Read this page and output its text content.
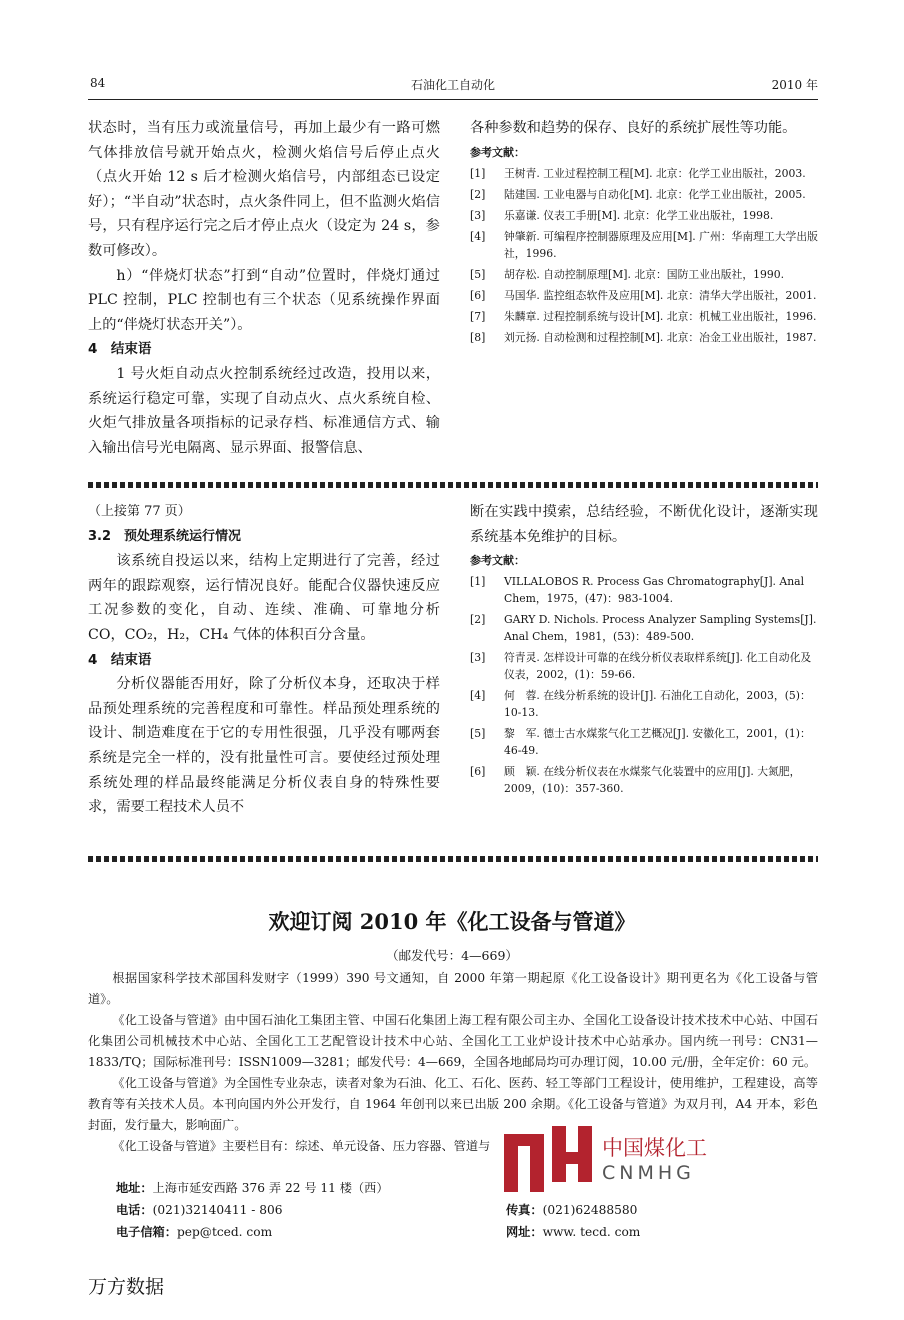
84	石油化工自动化	2010 年

状态时，当有压力或流量信号，再加上最少有一路可燃气体排放信号就开始点火，检测火焰信号后停止点火（点火开始 12 s 后才检测火焰信号，内部组态已设定好）；“半自动”状态时，点火条件同上，但不监测火焰信号，只有程序运行完之后才停止点火（设定为 24 s，参数可修改）。

h）“伴烧灯状态”打到“自动”位置时，伴烧灯通过 PLC 控制，PLC 控制也有三个状态（见系统操作界面上的“伴烧灯状态开关”）。

4　结束语

1 号火炬自动点火控制系统经过改造，投用以来，系统运行稳定可靠，实现了自动点火、点火系统自检、火炬气排放量各项指标的记录存档、标准通信方式、输入输出信号光电隔离、显示界面、报警信息、

各种参数和趋势的保存、良好的系统扩展性等功能。

参考文献：
[1] 王树青. 工业过程控制工程[M]. 北京：化学工业出版社，2003.
[2] 陆建国. 工业电器与自动化[M]. 北京：化学工业出版社，2005.
[3] 乐嘉谦. 仪表工手册[M]. 北京：化学工业出版社，1998.
[4] 钟肇新. 可编程序控制器原理及应用[M]. 广州：华南理工大学出版社，1996.
[5] 胡存松. 自动控制原理[M]. 北京：国防工业出版社，1990.
[6] 马国华. 监控组态软件及应用[M]. 北京：清华大学出版社，2001.
[7] 朱麟章. 过程控制系统与设计[M]. 北京：机械工业出版社，1996.
[8] 刘元扬. 自动检测和过程控制[M]. 北京：冶金工业出版社，1987.
（上接第 77 页）
3.2　预处理系统运行情况

该系统自投运以来，结构上定期进行了完善，经过两年的跟踪观察，运行情况良好。能配合仪器快速反应工况参数的变化，自动、连续、准确、可靠地分析 CO，CO₂，H₂，CH₄ 气体的体积百分含量。

4　结束语

分析仪器能否用好，除了分析仪本身，还取决于样品预处理系统的完善程度和可靠性。样品预处理系统的设计、制造难度在于它的专用性很强，几乎没有哪两套系统是完全一样的，没有批量性可言。要使经过预处理系统处理的样品最终能满足分析仪表自身的特殊性要求，需要工程技术人员不

断在实践中摸索，总结经验，不断优化设计，逐渐实现系统基本免维护的目标。

参考文献：
[1] VILLALOBOS R. Process Gas Chromatography[J]. Anal Chem，1975，(47)：983-1004.
[2] GARY D. Nichols. Process Analyzer Sampling Systems[J]. Anal Chem，1981，(53)：489-500.
[3] 符青灵. 怎样设计可靠的在线分析仪表取样系统[J]. 化工自动化及仪表，2002，(1)：59-66.
[4] 何　蓉. 在线分析系统的设计[J]. 石油化工自动化，2003，(5)：10-13.
[5] 黎　军. 德士古水煤浆气化工艺概况[J]. 安徽化工，2001，(1)：46-49.
[6] 顾　颖. 在线分析仪表在水煤浆气化装置中的应用[J]. 大氮肥，2009，(10)：357-360.
欢迎订阅 2010 年《化工设备与管道》
（邮发代号：4—669）

根据国家科学技术部国科发财字（1999）390 号文通知，自 2000 年第一期起原《化工设备设计》期刊更名为《化工设备与管道》。

《化工设备与管道》由中国石油化工集团主管、中国石化集团上海工程有限公司主办、全国化工设备设计技术技术中心站、中国石化集团公司机械技术中心站、全国化工工艺配管设计技术中心站、全国化工工业炉设计技术中心站承办。国内统一刊号：CN31—1833/TQ；国际标准刊号：ISSN1009—3281；邮发代号：4—669，全国各地邮局均可办理订阅，10.00 元/册，全年定价：60 元。

《化工设备与管道》为全国性专业杂志，读者对象为石油、化工、石化、医药、轻工等部门工程设计，使用维护，工程建设，高等教育等有关技术人员。本刊向国内外公开发行，自 1964 年创刊以来已出版 200 余期。《化工设备与管道》为双月刊，A4 开本，彩色封面，发行量大，影响面广。

《化工设备与管道》主要栏目有：综述、单元设备、压力容器、管道与

地址：上海市延安西路 376 弄 22 号 11 楼（西）
电话：(021)32140411 - 806
电子信箱：pep@tced. com
传真：(021)62488580
网址：www. tecd. com
中国煤化工
CNMHG
万方数据
